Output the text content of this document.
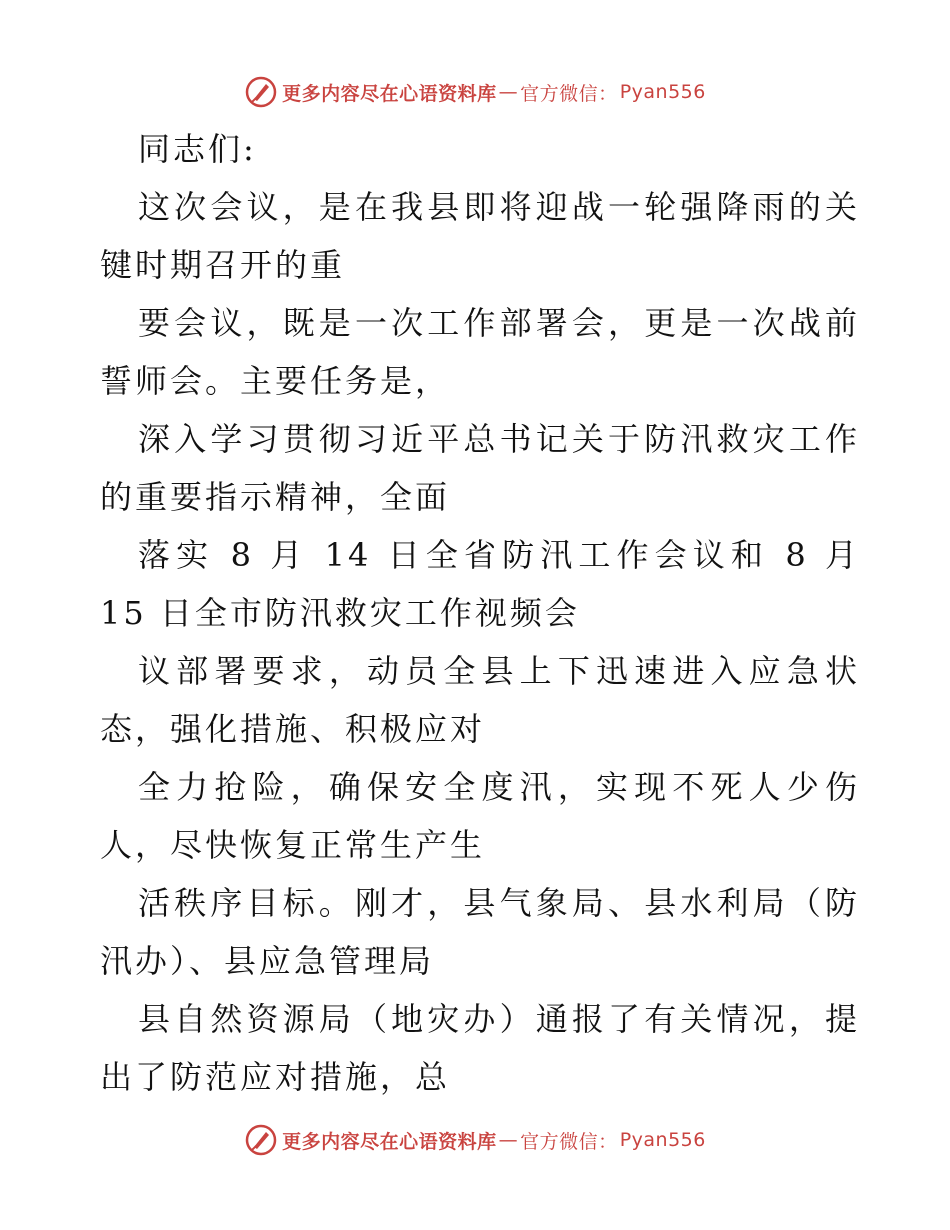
更多内容尽在心语资料库 — 官方微信： Pyan556

同志们:

这次会议，是在我县即将迎战一轮强降雨的关键时期召开的重

要会议，既是一次工作部署会，更是一次战前誓师会。主要任务是，

深入学习贯彻习近平总书记关于防汛救灾工作的重要指示精神，全面

落实 8 月 14 日全省防汛工作会议和 8 月 15 日全市防汛救灾工作视频会

议部署要求，动员全县上下迅速进入应急状态，强化措施、积极应对

全力抢险，确保安全度汛，实现不死人少伤人，尽快恢复正常生产生

活秩序目标。刚才，县气象局、县水利局（防汛办）、县应急管理局

县自然资源局（地灾办）通报了有关情况，提出了防范应对措施，总

更多内容尽在心语资料库 — 官方微信： Pyan556
